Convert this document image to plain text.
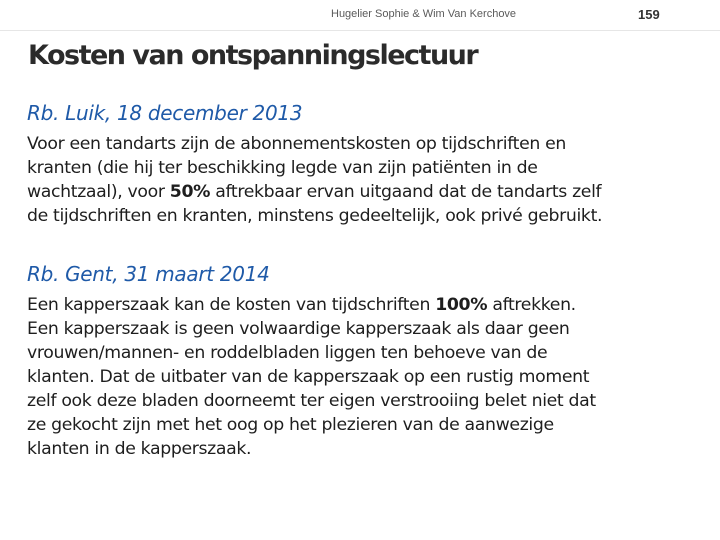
Hugelier Sophie & Wim Van Kerchove	159
Kosten van ontspanningslectuur
Rb. Luik, 18 december 2013

Voor een tandarts zijn de abonnementskosten op tijdschriften en
kranten (die hij ter beschikking legde van zijn patiënten in de
wachtzaal), voor 50% aftrekbaar ervan uitgaand dat de tandarts zelf
de tijdschriften en kranten, minstens gedeeltelijk, ook privé gebruikt.

Rb. Gent, 31 maart 2014

Een kapperszaak kan de kosten van tijdschriften 100% aftrekken.
Een kapperszaak is geen volwaardige kapperszaak als daar geen
vrouwen/mannen- en roddelbladen liggen ten behoeve van de
klanten. Dat de uitbater van de kapperszaak op een rustig moment
zelf ook deze bladen doorneemt ter eigen verstrooiing belet niet dat
ze gekocht zijn met het oog op het plezieren van de aanwezige
klanten in de kapperszaak.
